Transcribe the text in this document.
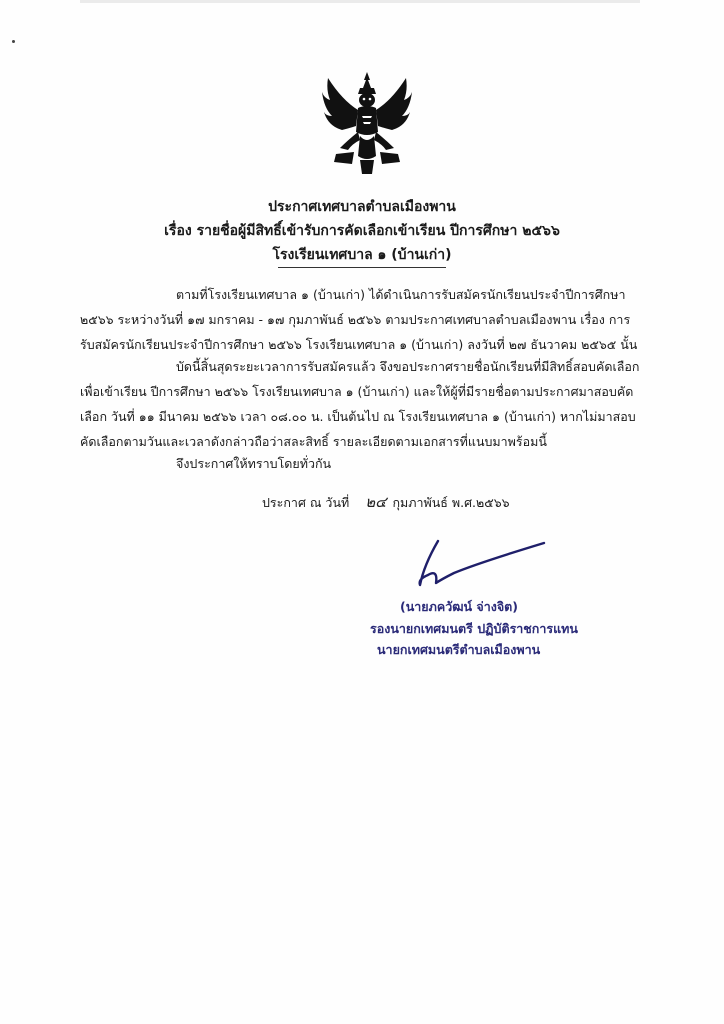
ประกาศเทศบาลตำบลเมืองพาน
เรื่อง รายชื่อผู้มีสิทธิ์เข้ารับการคัดเลือกเข้าเรียน ปีการศึกษา ๒๕๖๖
โรงเรียนเทศบาล ๑ (บ้านเก่า)
ตามที่โรงเรียนเทศบาล ๑ (บ้านเก่า) ได้ดำเนินการรับสมัครนักเรียนประจำปีการศึกษา ๒๕๖๖ ระหว่างวันที่ ๑๗ มกราคม - ๑๗ กุมภาพันธ์ ๒๕๖๖ ตามประกาศเทศบาลตำบลเมืองพาน เรื่อง การรับสมัครนักเรียนประจำปีการศึกษา ๒๕๖๖ โรงเรียนเทศบาล ๑ (บ้านเก่า) ลงวันที่ ๒๗ ธันวาคม ๒๕๖๕ นั้น
บัดนี้สิ้นสุดระยะเวลาการรับสมัครแล้ว จึงขอประกาศรายชื่อนักเรียนที่มีสิทธิ์สอบคัดเลือกเพื่อเข้าเรียน ปีการศึกษา ๒๕๖๖ โรงเรียนเทศบาล ๑ (บ้านเก่า) และให้ผู้ที่มีรายชื่อตามประกาศมาสอบคัดเลือก วันที่ ๑๑ มีนาคม ๒๕๖๖ เวลา ๐๘.๐๐ น. เป็นต้นไป ณ โรงเรียนเทศบาล ๑ (บ้านเก่า) หากไม่มาสอบคัดเลือกตามวันและเวลาดังกล่าวถือว่าสละสิทธิ์ รายละเอียดตามเอกสารที่แนบมาพร้อมนี้
จึงประกาศให้ทราบโดยทั่วกัน
ประกาศ ณ วันที่ ๒๔ กุมภาพันธ์ พ.ศ.๒๕๖๖
(นายภควัฒน์ จ่างจิต)
รองนายกเทศมนตรี ปฏิบัติราชการแทน
นายกเทศมนตรีตำบลเมืองพาน
